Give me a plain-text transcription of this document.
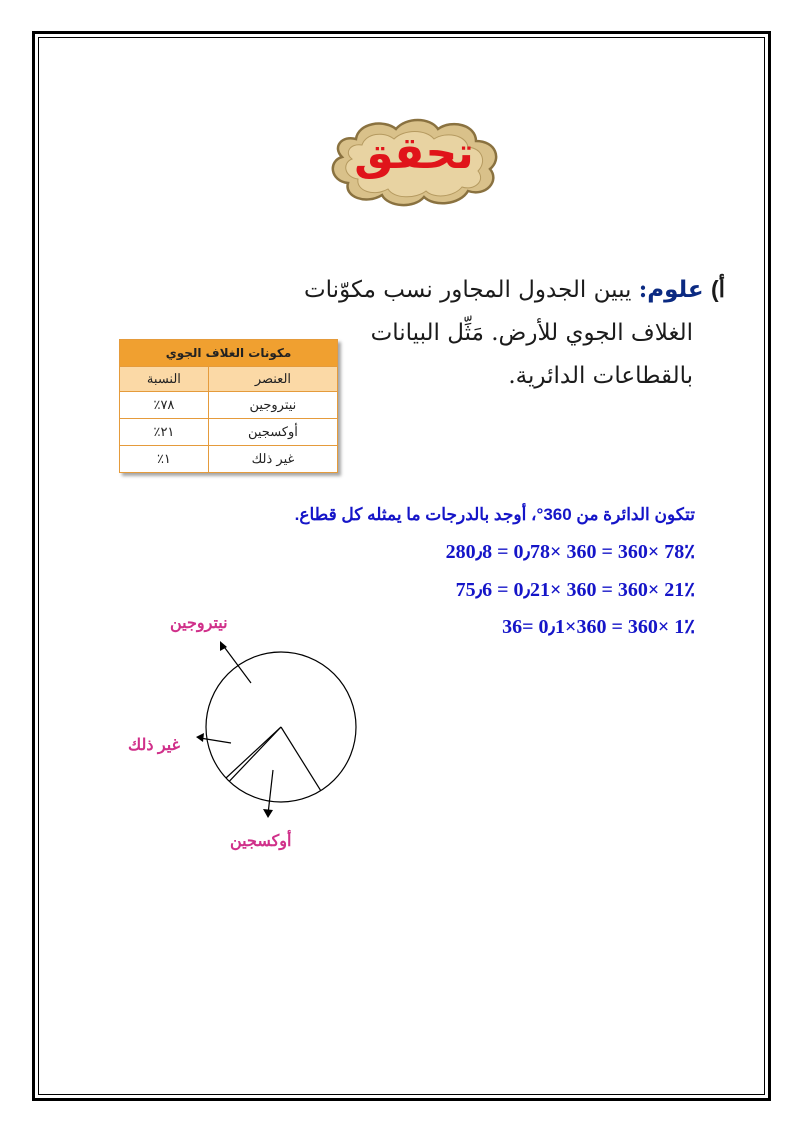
تحقق
أ) علوم: يبين الجدول المجاور نسب مكوّنات
الغلاف الجوي للأرض. مَثِّل البيانات
بالقطاعات الدائرية.
مكونات الغلاف الجوي	
العنصر	النسبة
نيتروجين	٧٨٪
أوكسجين	٢١٪
غير ذلك	١٪
تتكون الدائرة من 360°، أوجد بالدرجات ما يمثله كل قطاع.
78٪ ×360 = 360 ×0٫78 = 280٫8
21٪ ×360 = 360 ×0٫21 = 75٫6
1٪ ×360 = 360×0٫1 =36
نيتروجين
غير ذلك
أوكسجين
